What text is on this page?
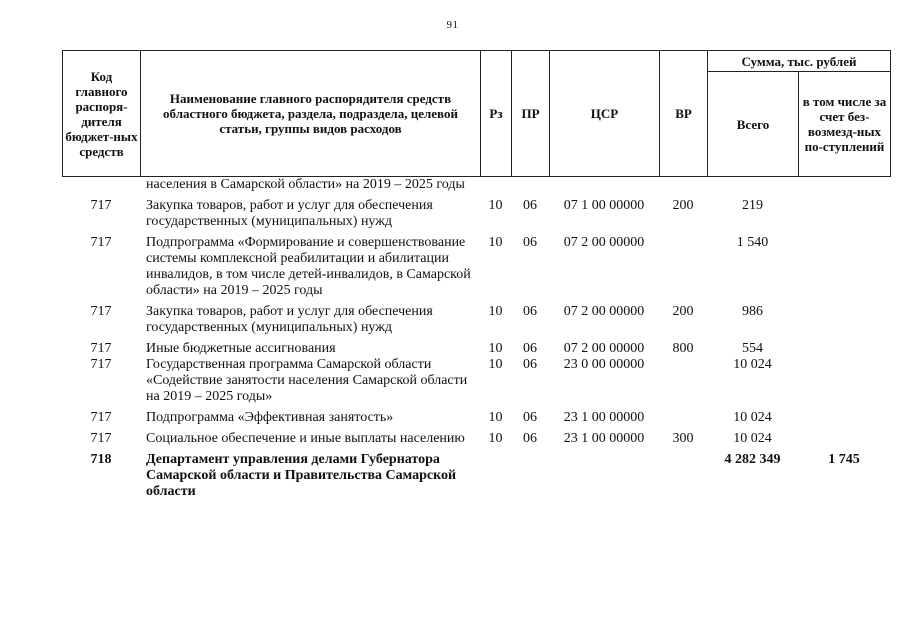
91
Код главного распоря-дителя бюджет-ных средств	Наименование главного распорядителя средств областного бюджета, раздела, подраздела, целевой статьи, группы видов расходов	Рз	ПР	ЦСР	ВР	Сумма, тыс. рублей	
						Всего	в том числе за счет без-возмезд-ных по-ступлений
	населения в Самарской области» на 2019 – 2025 годы						
717	Закупка товаров, работ и услуг для обеспечения государственных (муниципальных) нужд	10	06	07 1 00 00000	200	219	
717	Подпрограмма «Формирование и совершенствование системы комплексной реабилитации и абилитации инвалидов, в том числе детей-инвалидов, в Самарской области» на 2019 – 2025 годы	10	06	07 2 00 00000		1 540	
717	Закупка товаров, работ и услуг для обеспечения государственных (муниципальных) нужд	10	06	07 2 00 00000	200	986	
717	Иные бюджетные ассигнования	10	06	07 2 00 00000	800	554	
717	Государственная программа Самарской области «Содействие занятости населения Самарской области на 2019 – 2025 годы»	10	06	23 0 00 00000		10 024	
717	Подпрограмма «Эффективная занятость»	10	06	23 1 00 00000		10 024	
717	Социальное обеспечение и иные выплаты населению	10	06	23 1 00 00000	300	10 024	
718	Департамент управления делами Губернатора Самарской области и Правительства Самарской области					4 282 349	1 745
